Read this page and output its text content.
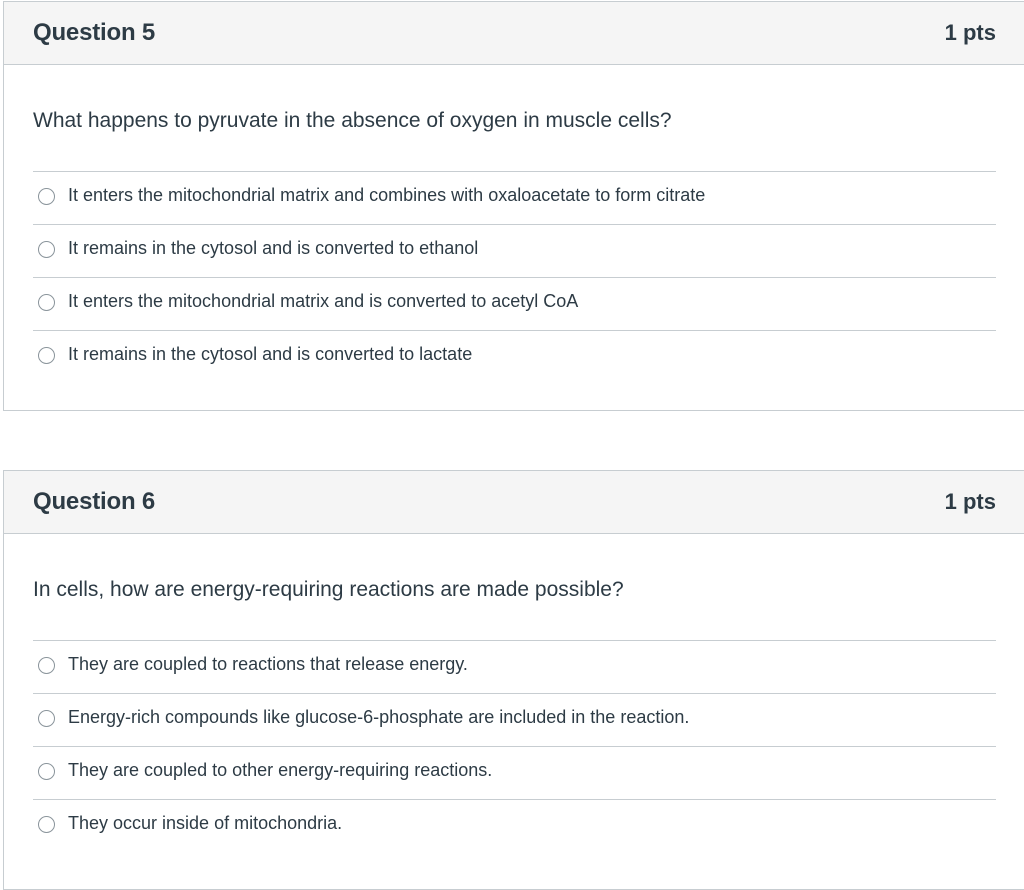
Question 5	1 pts

What happens to pyruvate in the absence of oxygen in muscle cells?

It enters the mitochondrial matrix and combines with oxaloacetate to form citrate
It remains in the cytosol and is converted to ethanol
It enters the mitochondrial matrix and is converted to acetyl CoA
It remains in the cytosol and is converted to lactate
Question 6	1 pts

In cells, how are energy-requiring reactions are made possible?

They are coupled to reactions that release energy.
Energy-rich compounds like glucose-6-phosphate are included in the reaction.
They are coupled to other energy-requiring reactions.
They occur inside of mitochondria.
